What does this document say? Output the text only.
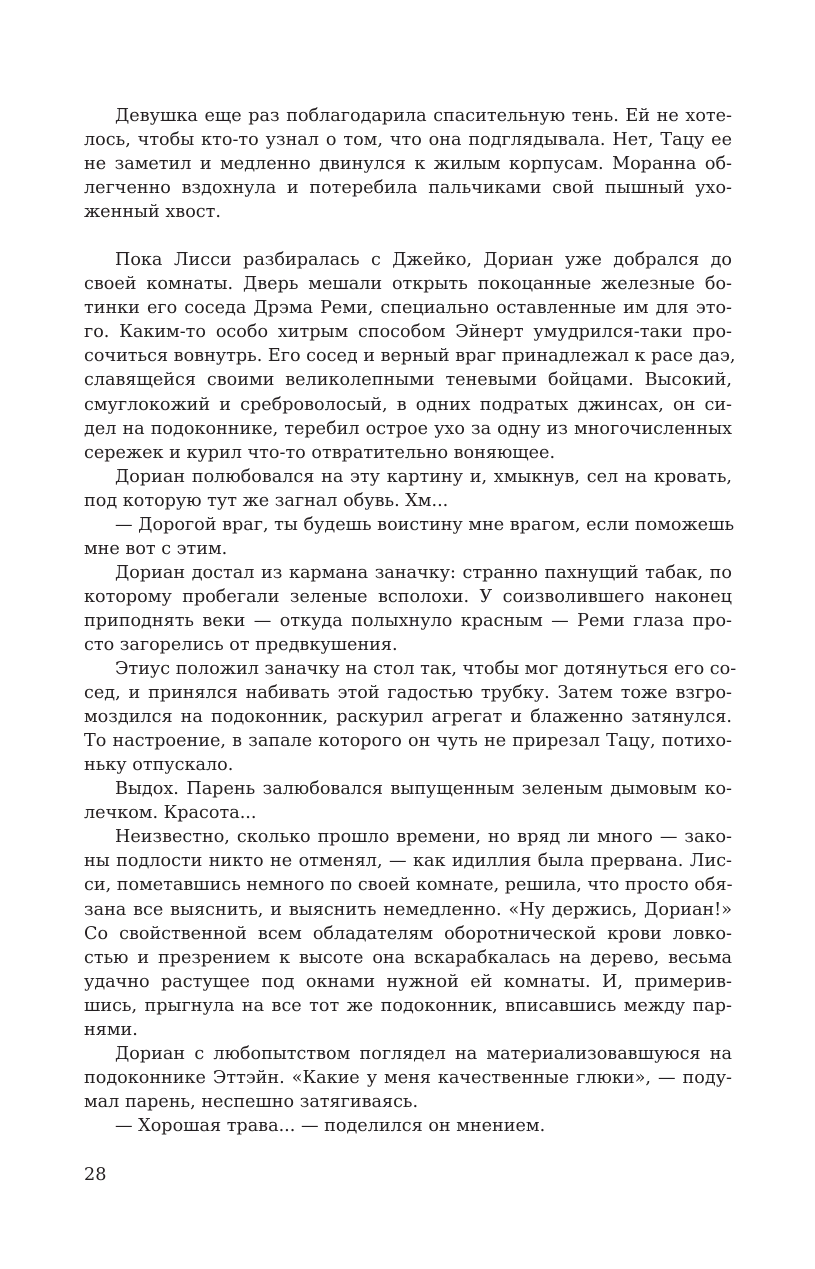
Девушка еще раз поблагодарила спасительную тень. Ей не хоте-
лось, чтобы кто-то узнал о том, что она подглядывала. Нет, Тацу ее
не заметил и медленно двинулся к жилым корпусам. Моранна об-
легченно вздохнула и потеребила пальчиками свой пышный ухо-
женный хвост.
Пока Лисси разбиралась с Джейко, Дориан уже добрался до
своей комнаты. Дверь мешали открыть покоцанные железные бо-
тинки его соседа Дрэма Реми, специально оставленные им для это-
го. Каким-то особо хитрым способом Эйнерт умудрился-таки про-
сочиться вовнутрь. Его сосед и верный враг принадлежал к расе даэ,
славящейся своими великолепными теневыми бойцами. Высокий,
смуглокожий и среброволосый, в одних подратых джинсах, он си-
дел на подоконнике, теребил острое ухо за одну из многочисленных
сережек и курил что-то отвратительно воняющее.
Дориан полюбовался на эту картину и, хмыкнув, сел на кровать,
под которую тут же загнал обувь. Хм...
— Дорогой враг, ты будешь воистину мне врагом, если поможешь
мне вот с этим.
Дориан достал из кармана заначку: странно пахнущий табак, по
которому пробегали зеленые всполохи. У соизволившего наконец
приподнять веки — откуда полыхнуло красным — Реми глаза про-
сто загорелись от предвкушения.
Этиус положил заначку на стол так, чтобы мог дотянуться его со-
сед, и принялся набивать этой гадостью трубку. Затем тоже взгро-
моздился на подоконник, раскурил агрегат и блаженно затянулся.
То настроение, в запале которого он чуть не прирезал Тацу, потихо-
ньку отпускало.
Выдох. Парень залюбовался выпущенным зеленым дымовым ко-
лечком. Красота...
Неизвестно, сколько прошло времени, но вряд ли много — зако-
ны подлости никто не отменял, — как идиллия была прервана. Лис-
си, пометавшись немного по своей комнате, решила, что просто обя-
зана все выяснить, и выяснить немедленно. «Ну держись, Дориан!»
Со свойственной всем обладателям оборотнической крови ловко-
стью и презрением к высоте она вскарабкалась на дерево, весьма
удачно растущее под окнами нужной ей комнаты. И, примерив-
шись, прыгнула на все тот же подоконник, вписавшись между пар-
нями.
Дориан с любопытством поглядел на материализовавшуюся на
подоконнике Эттэйн. «Какие у меня качественные глюки», — поду-
мал парень, неспешно затягиваясь.
— Хорошая трава... — поделился он мнением.
28
